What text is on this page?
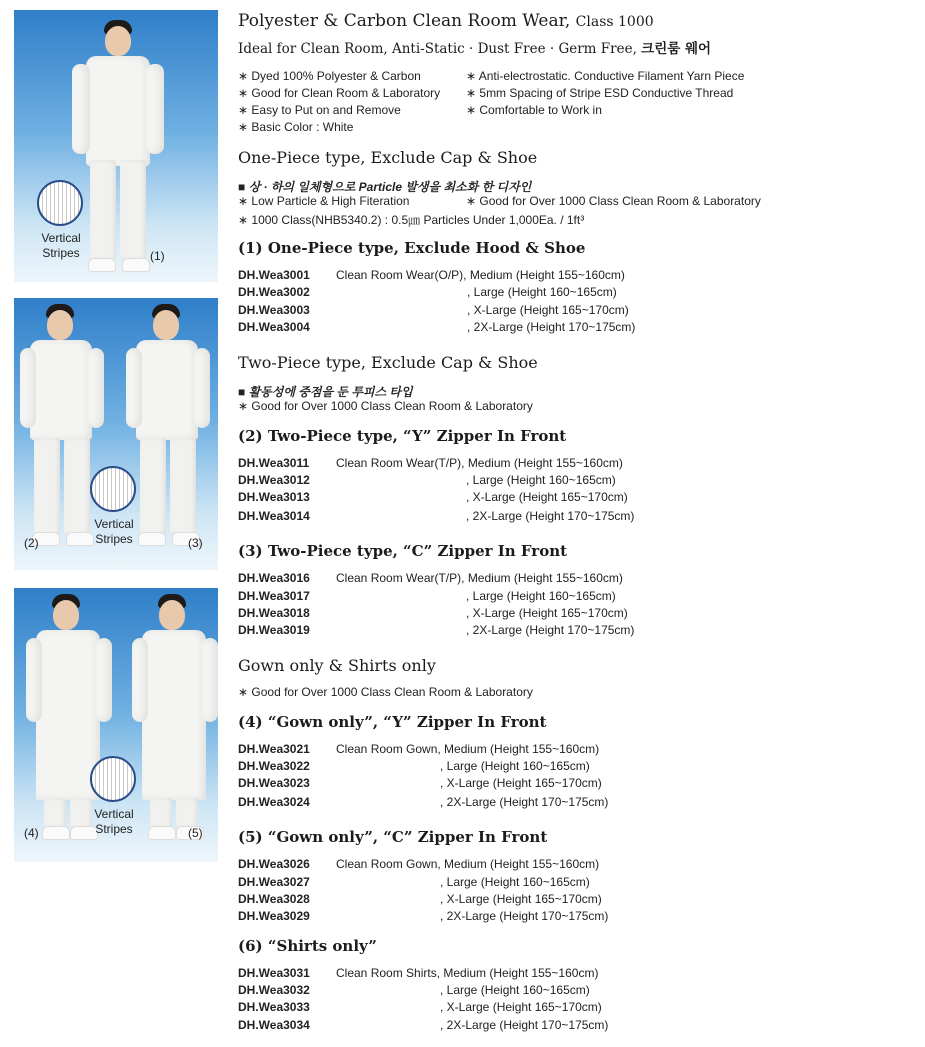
Vertical Stripes	(1)
Vertical Stripes
(2)	(3)
Vertical Stripes
(4)	(5)
Polyester & Carbon Clean Room Wear, Class 1000
Ideal for Clean Room, Anti-Static · Dust Free · Germ Free, 크린룸 웨어
∗ Dyed 100% Polyester & Carbon
∗ Good for Clean Room & Laboratory
∗ Easy to Put on and Remove
∗ Basic Color : White
∗ Anti-electrostatic. Conductive Filament Yarn Piece
∗ 5mm Spacing of Stripe ESD Conductive Thread
∗ Comfortable to Work in
One-Piece type, Exclude Cap & Shoe
■ 상 · 하의 일체형으로 Particle 발생을 최소화 한 디자인
∗ Low Particle & High Fiteration	∗ Good for Over 1000 Class Clean Room & Laboratory
∗ 1000 Class(NHB5340.2) : 0.5㎛ Particles Under 1,000Ea. / 1ft³
(1) One-Piece type, Exclude Hood & Shoe
DH.Wea3001 Clean Room Wear(O/P), Medium (Height 155~160cm)
DH.Wea3002	, Large (Height 160~165cm)
DH.Wea3003	, X-Large (Height 165~170cm)
DH.Wea3004	, 2X-Large (Height 170~175cm)
Two-Piece type, Exclude Cap & Shoe
■ 활동성에 중점을 둔 투피스 타입
∗ Good for Over 1000 Class Clean Room & Laboratory
(2) Two-Piece type, “Y” Zipper In Front
DH.Wea3011 Clean Room Wear(T/P), Medium (Height 155~160cm)
DH.Wea3012	, Large (Height 160~165cm)
DH.Wea3013	, X-Large (Height 165~170cm)
DH.Wea3014	, 2X-Large (Height 170~175cm)
(3) Two-Piece type, “C” Zipper In Front
DH.Wea3016 Clean Room Wear(T/P), Medium (Height 155~160cm)
DH.Wea3017	, Large (Height 160~165cm)
DH.Wea3018	, X-Large (Height 165~170cm)
DH.Wea3019	, 2X-Large (Height 170~175cm)
Gown only & Shirts only
∗ Good for Over 1000 Class Clean Room & Laboratory
(4) “Gown only”, “Y” Zipper In Front
DH.Wea3021 Clean Room Gown, Medium (Height 155~160cm)
DH.Wea3022	, Large (Height 160~165cm)
DH.Wea3023	, X-Large (Height 165~170cm)
DH.Wea3024	, 2X-Large (Height 170~175cm)
(5) “Gown only”, “C” Zipper In Front
DH.Wea3026 Clean Room Gown, Medium (Height 155~160cm)
DH.Wea3027	, Large (Height 160~165cm)
DH.Wea3028	, X-Large (Height 165~170cm)
DH.Wea3029	, 2X-Large (Height 170~175cm)
(6) “Shirts only”
DH.Wea3031 Clean Room Shirts, Medium (Height 155~160cm)
DH.Wea3032	, Large (Height 160~165cm)
DH.Wea3033	, X-Large (Height 165~170cm)
DH.Wea3034	, 2X-Large (Height 170~175cm)
